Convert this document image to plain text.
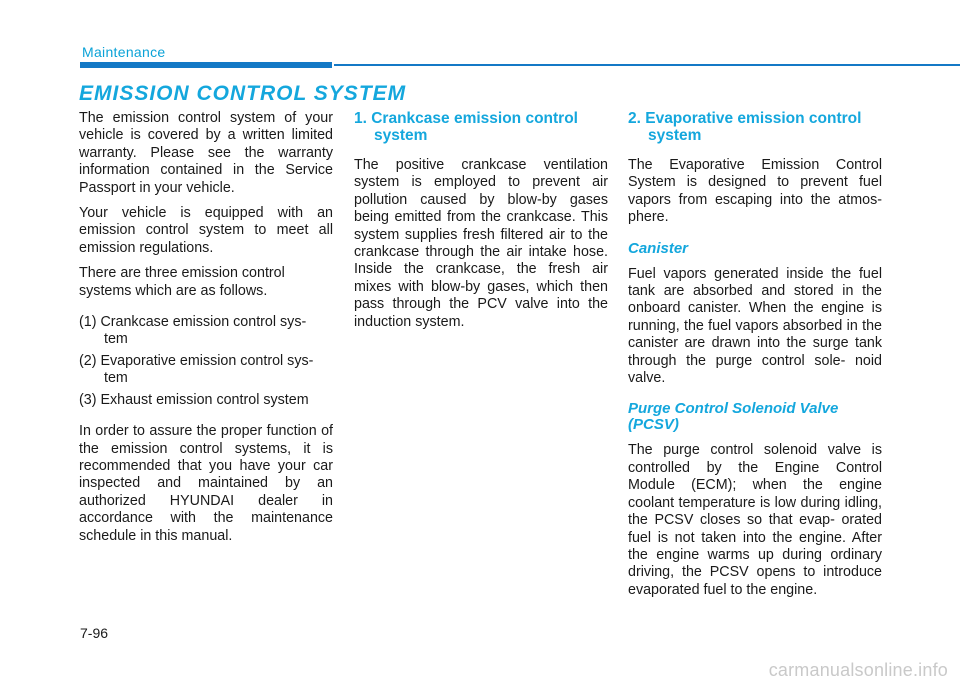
Maintenance
EMISSION CONTROL SYSTEM

The emission control system of your vehicle is covered by a written limited warranty. Please see the warranty information contained in the Service Passport in your vehicle.

Your vehicle is equipped with an emission control system to meet all emission regulations.

There are three emission control systems which are as follows.

(1) Crankcase emission control sys- tem
(2) Evaporative emission control sys- tem
(3) Exhaust emission control system

In order to assure the proper function of the emission control systems, it is recommended that you have your car inspected and maintained by an authorized HYUNDAI dealer in accordance with the maintenance schedule in this manual.

1. Crankcase emission control system

The positive crankcase ventilation system is employed to prevent air pollution caused by blow-by gases being emitted from the crankcase. This system supplies fresh filtered air to the crankcase through the air intake hose. Inside the crankcase, the fresh air mixes with blow-by gases, which then pass through the PCV valve into the induction system.

2. Evaporative emission control system

The Evaporative Emission Control System is designed to prevent fuel vapors from escaping into the atmos- phere.

Canister

Fuel vapors generated inside the fuel tank are absorbed and stored in the onboard canister. When the engine is running, the fuel vapors absorbed in the canister are drawn into the surge tank through the purge control sole- noid valve.

Purge Control Solenoid Valve (PCSV)

The purge control solenoid valve is controlled by the Engine Control Module (ECM); when the engine coolant temperature is low during idling, the PCSV closes so that evap- orated fuel is not taken into the engine. After the engine warms up during ordinary driving, the PCSV opens to introduce evaporated fuel to the engine.

7-96
carmanualsonline.info
